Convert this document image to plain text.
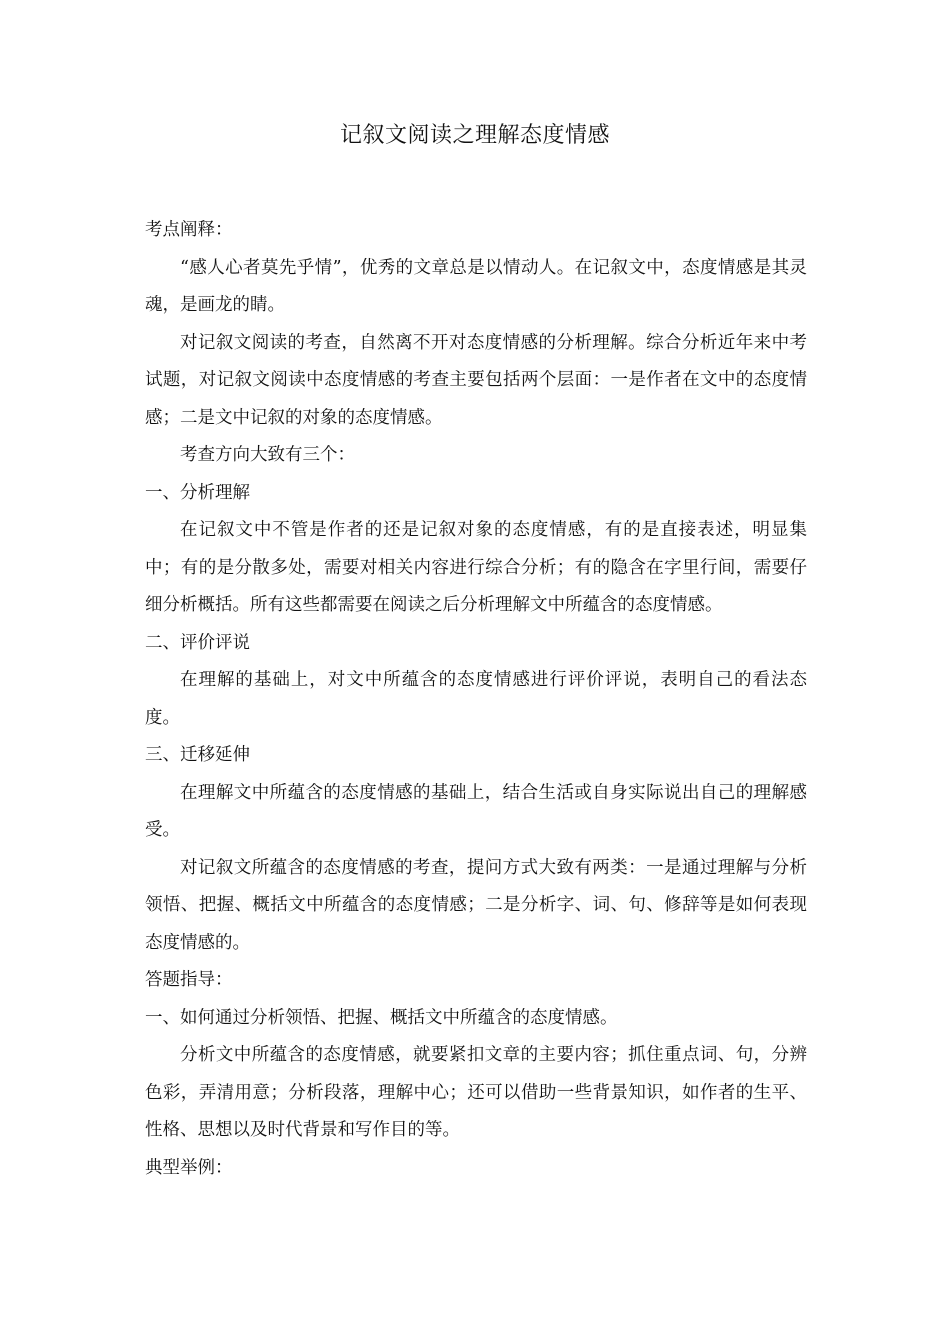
记叙文阅读之理解态度情感

考点阐释：

“感人心者莫先乎情”，优秀的文章总是以情动人。在记叙文中，态度情感是其灵魂，是画龙的睛。

对记叙文阅读的考查，自然离不开对态度情感的分析理解。综合分析近年来中考试题，对记叙文阅读中态度情感的考查主要包括两个层面：一是作者在文中的态度情感；二是文中记叙的对象的态度情感。

考查方向大致有三个：

一、分析理解

在记叙文中不管是作者的还是记叙对象的态度情感，有的是直接表述，明显集中；有的是分散多处，需要对相关内容进行综合分析；有的隐含在字里行间，需要仔细分析概括。所有这些都需要在阅读之后分析理解文中所蕴含的态度情感。

二、评价评说

在理解的基础上，对文中所蕴含的态度情感进行评价评说，表明自己的看法态度。

三、迁移延伸

在理解文中所蕴含的态度情感的基础上，结合生活或自身实际说出自己的理解感受。

对记叙文所蕴含的态度情感的考查，提问方式大致有两类：一是通过理解与分析领悟、把握、概括文中所蕴含的态度情感；二是分析字、词、句、修辞等是如何表现态度情感的。

答题指导：

一、如何通过分析领悟、把握、概括文中所蕴含的态度情感。

分析文中所蕴含的态度情感，就要紧扣文章的主要内容；抓住重点词、句，分辨色彩，弄清用意；分析段落，理解中心；还可以借助一些背景知识，如作者的生平、性格、思想以及时代背景和写作目的等。

典型举例：
